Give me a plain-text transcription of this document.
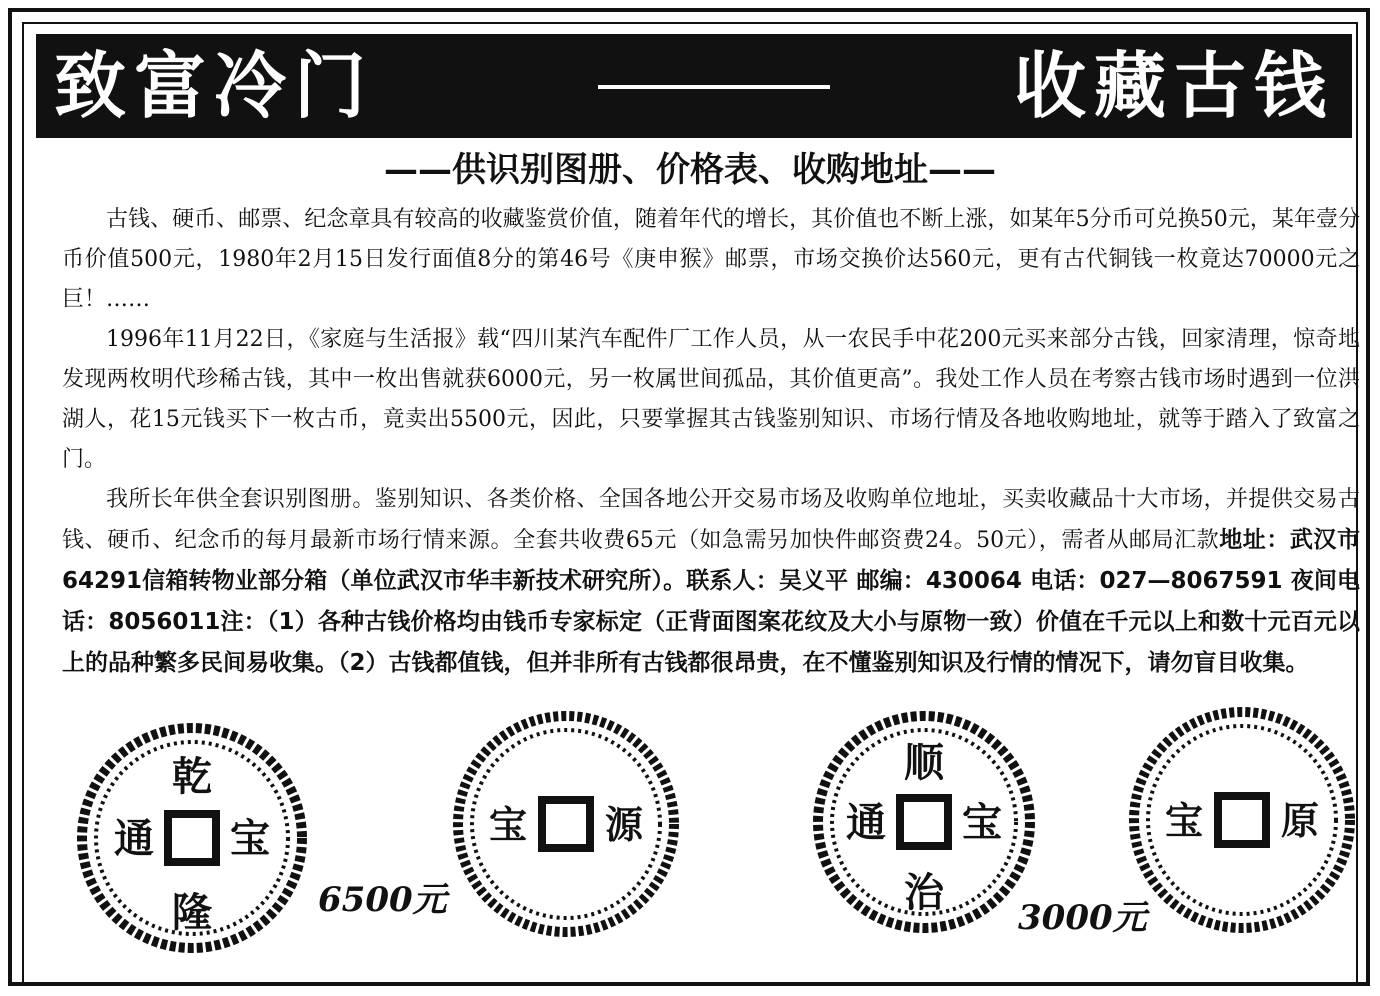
致富冷门	收藏古钱
——供识别图册、价格表、收购地址——

古钱、硬币、邮票、纪念章具有较高的收藏鉴赏价值，随着年代的增长，其价值也不断上涨，如某年5分币可兑换50元，某年壹分币价值500元，1980年2月15日发行面值8分的第46号《庚申猴》邮票，市场交换价达560元，更有古代铜钱一枚竟达70000元之巨！……

1996年11月22日，《家庭与生活报》载“四川某汽车配件厂工作人员，从一农民手中花200元买来部分古钱，回家清理，惊奇地发现两枚明代珍稀古钱，其中一枚出售就获6000元，另一枚属世间孤品，其价值更高”。我处工作人员在考察古钱市场时遇到一位洪湖人，花15元钱买下一枚古币，竟卖出5500元，因此，只要掌握其古钱鉴别知识、市场行情及各地收购地址，就等于踏入了致富之门。

我所长年供全套识别图册。鉴别知识、各类价格、全国各地公开交易市场及收购单位地址，买卖收藏品十大市场，并提供交易古钱、硬币、纪念币的每月最新市场行情来源。全套共收费65元（如急需另加快件邮资费24。50元），需者从邮局汇款地址：武汉市64291信箱转物业部分箱（单位武汉市华丰新技术研究所）。联系人：吴义平 邮编：430064 电话：027—8067591 夜间电话：8056011注：（1）各种古钱价格均由钱币专家标定（正背面图案花纹及大小与原物一致）价值在千元以上和数十元百元以上的品种繁多民间易收集。（2）古钱都值钱，但并非所有古钱都很昂贵，在不懂鉴别知识及行情的情况下，请勿盲目收集。

乾
隆
通 宝
6500元
宝 源
顺
治
通 宝
3000元
宝 原
